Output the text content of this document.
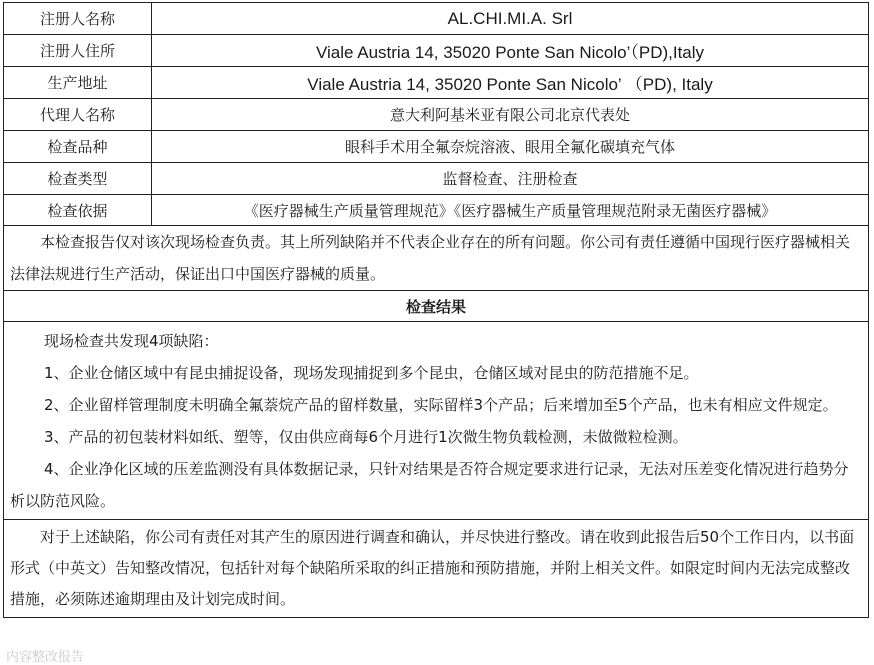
注册人名称	AL.CHI.MI.A. Srl
注册人住所	Viale Austria 14, 35020 Ponte San Nicolo’（PD),Italy
生产地址	Viale Austria 14, 35020 Ponte San Nicolo’ （PD), Italy
代理人名称	意大利阿基米亚有限公司北京代表处
检查品种	眼科手术用全氟奈烷溶液、眼用全氟化碳填充气体
检查类型	监督检查、注册检查
检查依据	《医疗器械生产质量管理规范》《医疗器械生产质量管理规范附录无菌医疗器械》
本检查报告仅对该次现场检查负责。其上所列缺陷并不代表企业存在的所有问题。你公司有责任遵循中国现行医疗器械相关法律法规进行生产活动，保证出口中国医疗器械的质量。	
检查结果	

现场检查共发现4项缺陷：

1、企业仓储区域中有昆虫捕捉设备，现场发现捕捉到多个昆虫，仓储区域对昆虫的防范措施不足。

2、企业留样管理制度未明确全氟萘烷产品的留样数量，实际留样3个产品；后来增加至5个产品，也未有相应文件规定。

3、产品的初包装材料如纸、塑等，仅由供应商每6个月进行1次微生物负载检测，未做微粒检测。

4、企业净化区域的压差监测没有具体数据记录，只针对结果是否符合规定要求进行记录，无法对压差变化情况进行趋势分析以防范风险。	

对于上述缺陷，你公司有责任对其产生的原因进行调查和确认，并尽快进行整改。请在收到此报告后50个工作日内，以书面形式（中英文）告知整改情况，包括针对每个缺陷所采取的纠正措施和预防措施，并附上相关文件。如限定时间内无法完成整改措施，必须陈述逾期理由及计划完成时间。	
内容整改报告
